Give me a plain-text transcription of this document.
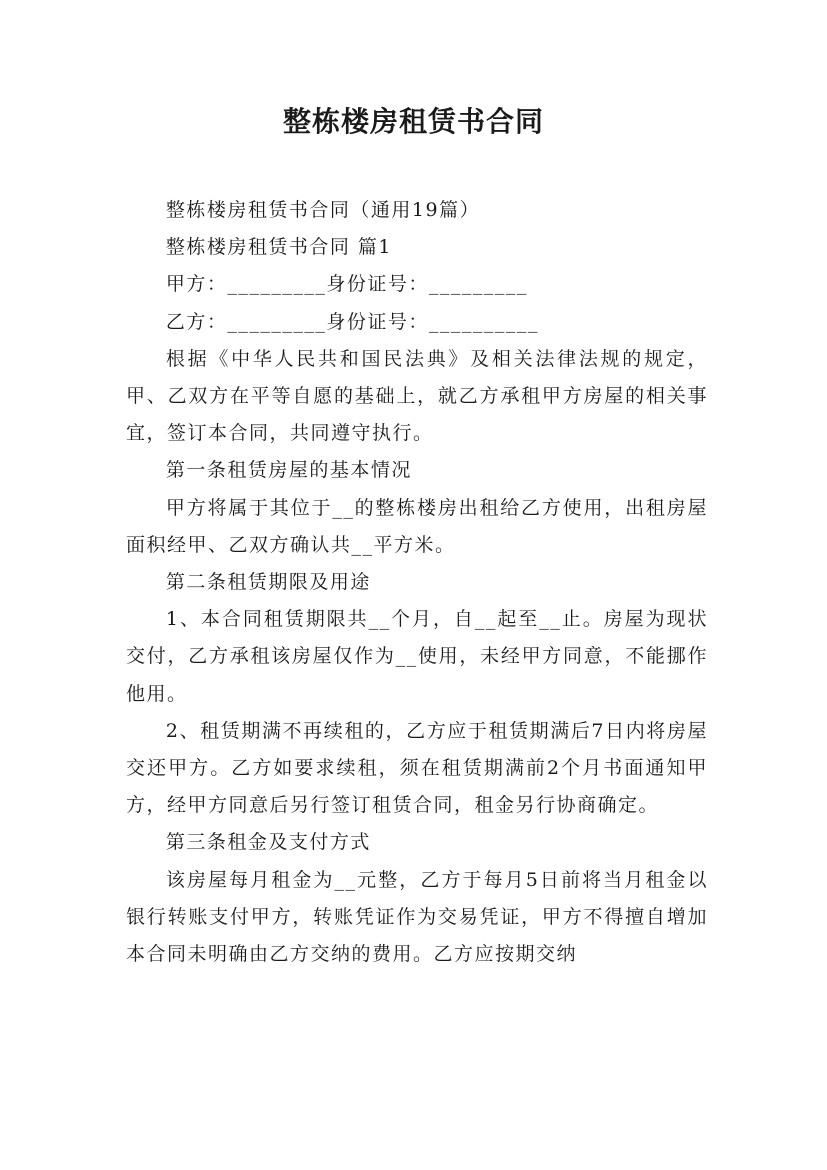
整栋楼房租赁书合同

整栋楼房租赁书合同（通用19篇）

整栋楼房租赁书合同 篇1

甲方：_________身份证号：_________

乙方：_________身份证号：__________

根据《中华人民共和国民法典》及相关法律法规的规定，甲、乙双方在平等自愿的基础上，就乙方承租甲方房屋的相关事宜，签订本合同，共同遵守执行。

第一条租赁房屋的基本情况

甲方将属于其位于__的整栋楼房出租给乙方使用，出租房屋面积经甲、乙双方确认共__平方米。

第二条租赁期限及用途

1、本合同租赁期限共__个月，自__起至__止。房屋为现状交付，乙方承租该房屋仅作为__使用，未经甲方同意，不能挪作他用。

2、租赁期满不再续租的，乙方应于租赁期满后7日内将房屋交还甲方。乙方如要求续租，须在租赁期满前2个月书面通知甲方，经甲方同意后另行签订租赁合同，租金另行协商确定。

第三条租金及支付方式

该房屋每月租金为__元整，乙方于每月5日前将当月租金以银行转账支付甲方，转账凭证作为交易凭证，甲方不得擅自增加本合同未明确由乙方交纳的费用。乙方应按期交纳
